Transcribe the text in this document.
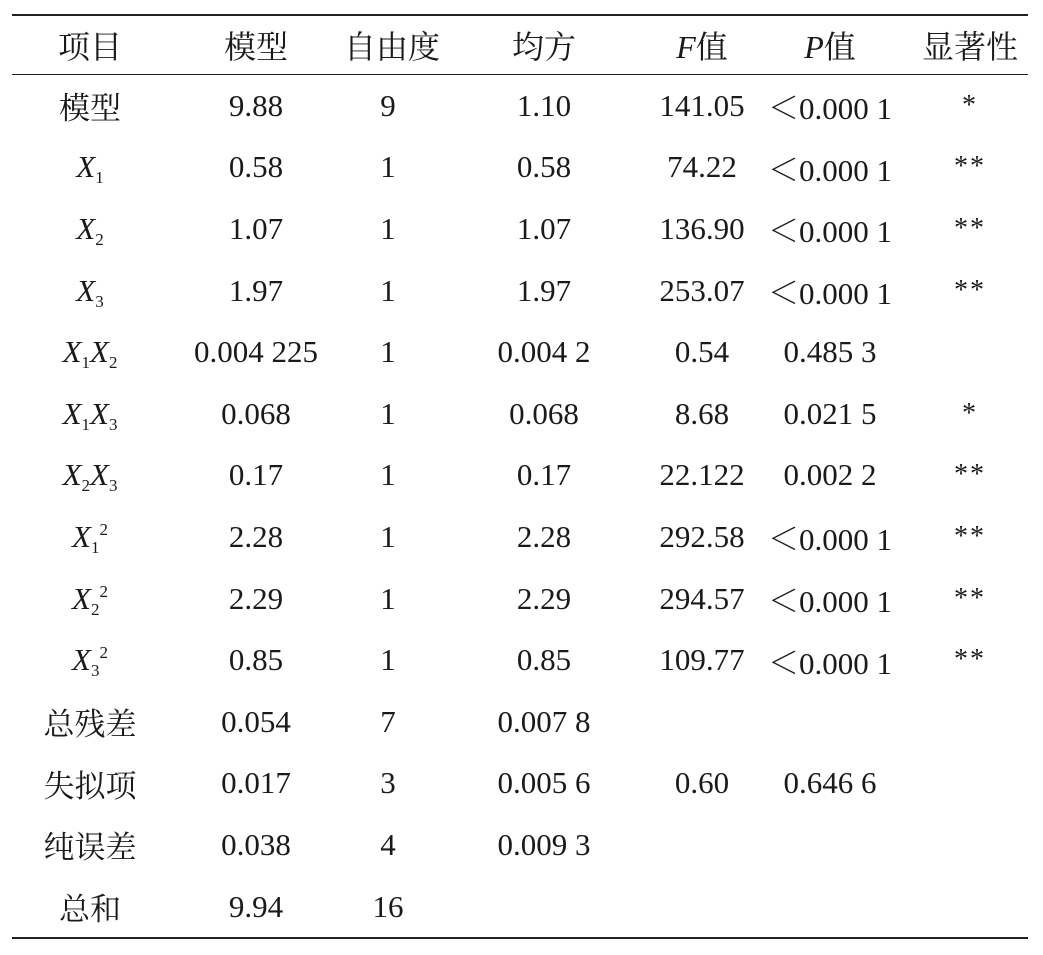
项目	模型	自由度	均方	F值	P值	显著性
模型	9.88	9	1.10	141.05	＜0.000 1	*
$X_1$	0.58	1	0.58	74.22	＜0.000 1	**
$X_2$	1.07	1	1.07	136.90	＜0.000 1	**
$X_3$	1.97	1	1.97	253.07	＜0.000 1	**
$X_1X_2$	0.004 225	1	0.004 2	0.54	0.485 3	
$X_1X_3$	0.068	1	0.068	8.68	0.021 5	*
$X_2X_3$	0.17	1	0.17	22.122	0.002 2	**
$X_1^2$	2.28	1	2.28	292.58	＜0.000 1	**
$X_2^2$	2.29	1	2.29	294.57	＜0.000 1	**
$X_3^2$	0.85	1	0.85	109.77	＜0.000 1	**
总残差	0.054	7	0.007 8			
失拟项	0.017	3	0.005 6	0.60	0.646 6	
纯误差	0.038	4	0.009 3			
总和	9.94	16				
